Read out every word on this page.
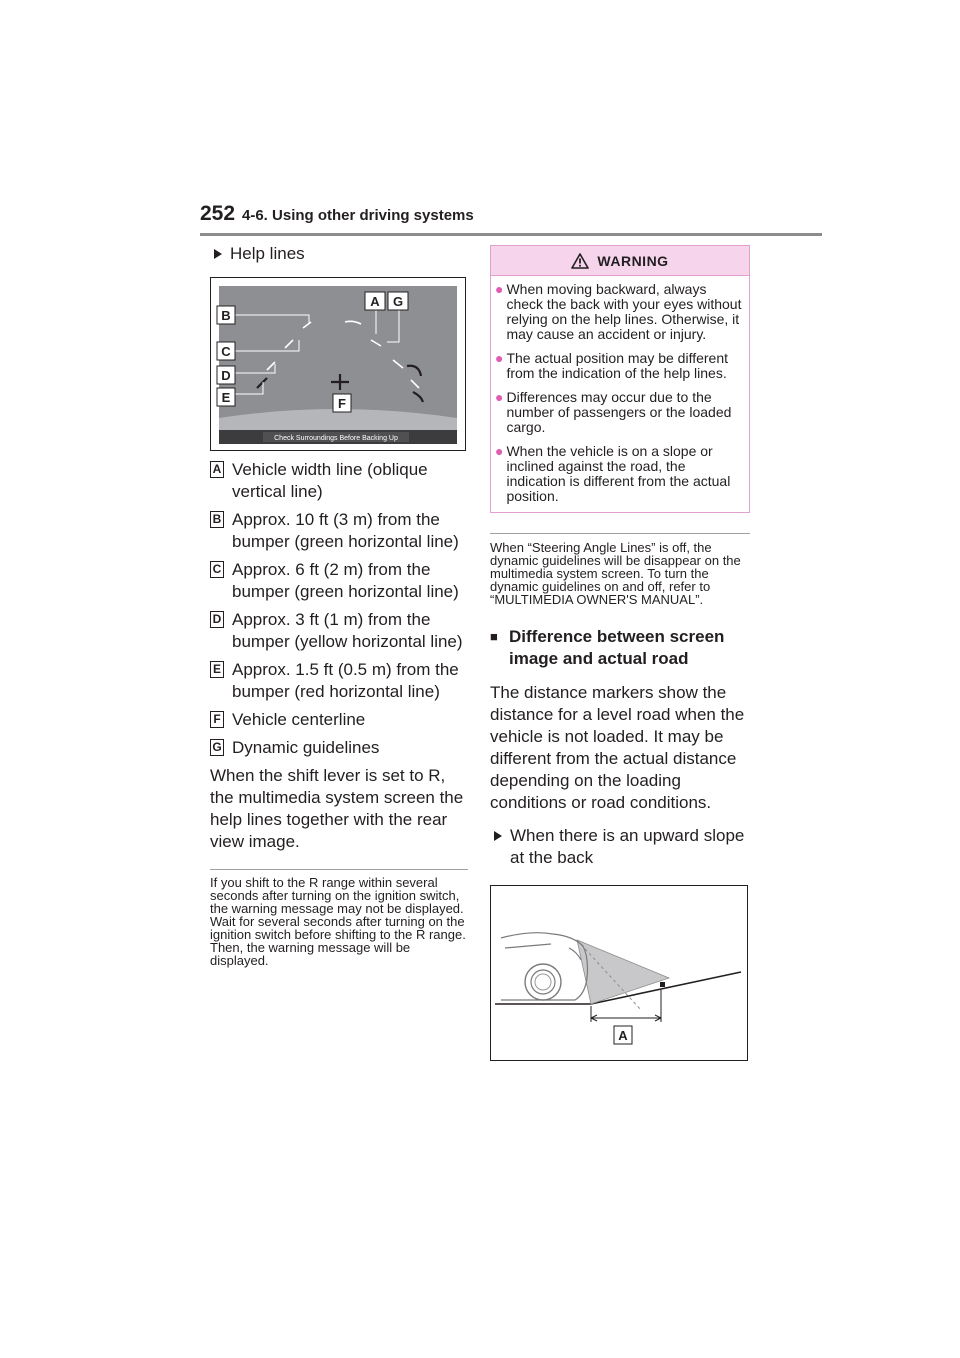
252 4-6. Using other driving systems
Help lines
Check Surroundings Before Backing Up
A G
B
C
D
E	F
A Vehicle width line (oblique vertical line)
B Approx. 10 ft (3 m) from the bumper (green horizontal line)
C Approx. 6 ft (2 m) from the bumper (green horizontal line)
D Approx. 3 ft (1 m) from the bumper (yellow horizontal line)
E Approx. 1.5 ft (0.5 m) from the bumper (red horizontal line)
F Vehicle centerline
G Dynamic guidelines

When the shift lever is set to R, the multimedia system screen the help lines together with the rear view image.

If you shift to the R range within several seconds after turning on the ignition switch, the warning message may not be displayed. Wait for several seconds after turning on the ignition switch before shifting to the R range. Then, the warning message will be displayed.

WARNING
● When moving backward, always check the back with your eyes without relying on the help lines. Otherwise, it may cause an accident or injury.
● The actual position may be different from the indication of the help lines.
● Differences may occur due to the number of passengers or the loaded cargo.
● When the vehicle is on a slope or inclined against the road, the indication is different from the actual position.

When “Steering Angle Lines” is off, the dynamic guidelines will be disappear on the multimedia system screen. To turn the dynamic guidelines on and off, refer to “MULTIMEDIA OWNER'S MANUAL”.

■ Difference between screen image and actual road

The distance markers show the distance for a level road when the vehicle is not loaded. It may be different from the actual distance depending on the loading conditions or road conditions.

When there is an upward slope at the back
A
